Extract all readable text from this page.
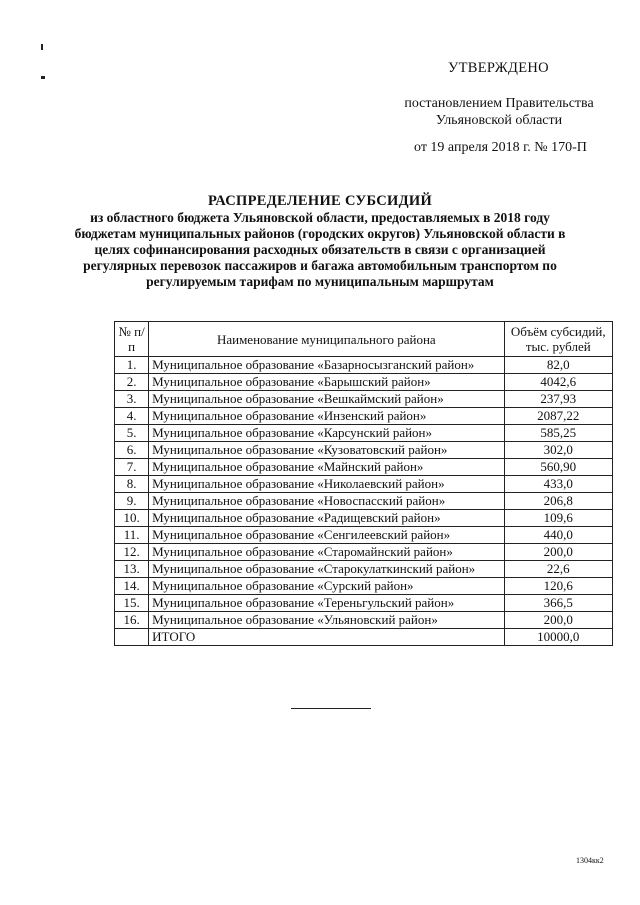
УТВЕРЖДЕНО
постановлением Правительства
Ульяновской области
от 19 апреля 2018 г. № 170-П
РАСПРЕДЕЛЕНИЕ СУБСИДИЙ
из областного бюджета Ульяновской области, предоставляемых в 2018 году бюджетам муниципальных районов (городских округов) Ульяновской области в целях софинансирования расходных обязательств в связи с организацией регулярных перевозок пассажиров и багажа автомобильным транспортом по регулируемым тарифам по муниципальным маршрутам
№ п/п	Наименование муниципального района	Объём субсидий, тыс. рублей
1.	Муниципальное образование «Базарносызганский район»	82,0
2.	Муниципальное образование «Барышский район»	4042,6
3.	Муниципальное образование «Вешкаймский район»	237,93
4.	Муниципальное образование «Инзенский район»	2087,22
5.	Муниципальное образование «Карсунский район»	585,25
6.	Муниципальное образование «Кузоватовский район»	302,0
7.	Муниципальное образование «Майнский район»	560,90
8.	Муниципальное образование «Николаевский район»	433,0
9.	Муниципальное образование «Новоспасский район»	206,8
10.	Муниципальное образование «Радищевский район»	109,6
11.	Муниципальное образование «Сенгилеевский район»	440,0
12.	Муниципальное образование «Старомайнский район»	200,0
13.	Муниципальное образование «Старокулаткинский район»	22,6
14.	Муниципальное образование «Сурский район»	120,6
15.	Муниципальное образование «Тереньгульский район»	366,5
16.	Муниципальное образование «Ульяновский район»	200,0
	ИТОГО	10000,0
1304кк2
